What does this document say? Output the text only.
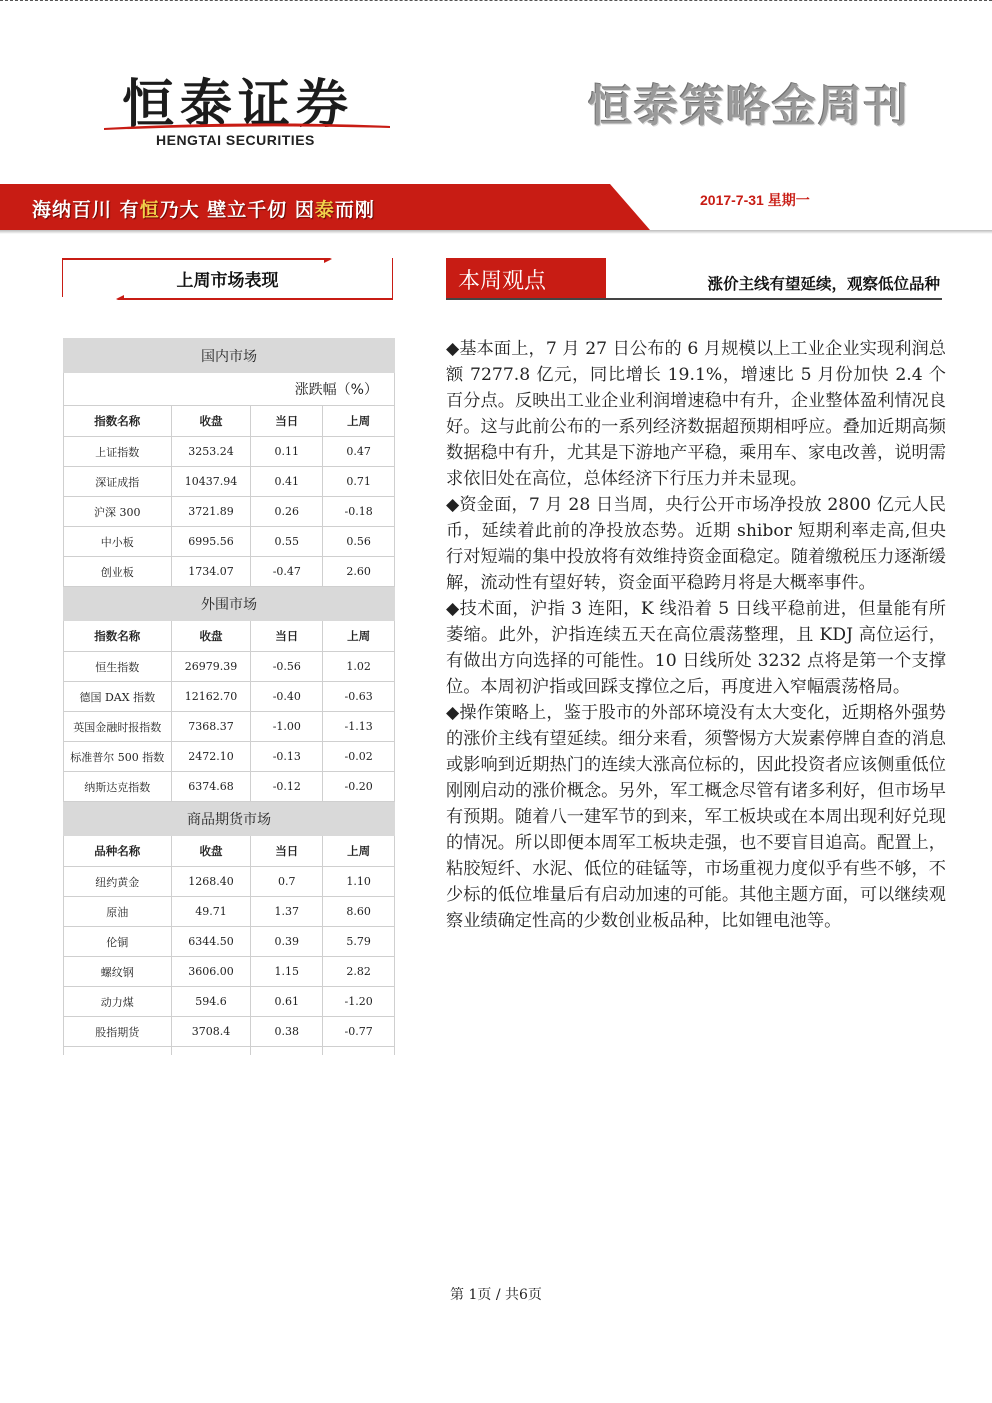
恒泰证券
HENGTAI SECURITIES
恒泰策略金周刊
海纳百川 有恒乃大 壁立千仞 因泰而刚	2017-7-31 星期一
上周市场表现
国内市场			
涨跌幅（%）			
指数名称	收盘	当日	上周
上证指数	3253.24	0.11	0.47
深证成指	10437.94	0.41	0.71
沪深 300	3721.89	0.26	-0.18
中小板	6995.56	0.55	0.56
创业板	1734.07	-0.47	2.60
外围市场			
指数名称	收盘	当日	上周
恒生指数	26979.39	-0.56	1.02
德国 DAX 指数	12162.70	-0.40	-0.63
英国金融时报指数	7368.37	-1.00	-1.13
标准普尔 500 指数	2472.10	-0.13	-0.02
纳斯达克指数	6374.68	-0.12	-0.20
商品期货市场			
品种名称	收盘	当日	上周
纽约黄金	1268.40	0.7	1.10
原油	49.71	1.37	8.60
伦铜	6344.50	0.39	5.79
螺纹钢	3606.00	1.15	2.82
动力煤	594.6	0.61	-1.20
股指期货	3708.4	0.38	-0.77

本周观点	涨价主线有望延续，观察低位品种

◆基本面上，7 月 27 日公布的 6 月规模以上工业企业实现利润总额 7277.8 亿元，同比增长 19.1%，增速比 5 月份加快 2.4 个百分点。反映出工业企业利润增速稳中有升，企业整体盈利情况良好。这与此前公布的一系列经济数据超预期相呼应。叠加近期高频数据稳中有升，尤其是下游地产平稳，乘用车、家电改善，说明需求依旧处在高位，总体经济下行压力并未显现。

◆资金面，7 月 28 日当周，央行公开市场净投放 2800 亿元人民币，延续着此前的净投放态势。近期 shibor 短期利率走高,但央行对短端的集中投放将有效维持资金面稳定。随着缴税压力逐渐缓解，流动性有望好转，资金面平稳跨月将是大概率事件。

◆技术面，沪指 3 连阳，K 线沿着 5 日线平稳前进，但量能有所萎缩。此外，沪指连续五天在高位震荡整理，且 KDJ 高位运行，有做出方向选择的可能性。10 日线所处 3232 点将是第一个支撑位。本周初沪指或回踩支撑位之后，再度进入窄幅震荡格局。

◆操作策略上，鉴于股市的外部环境没有太大变化，近期格外强势的涨价主线有望延续。细分来看，须警惕方大炭素停牌自查的消息或影响到近期热门的连续大涨高位标的，因此投资者应该侧重低位刚刚启动的涨价概念。另外，军工概念尽管有诸多利好，但市场早有预期。随着八一建军节的到来，军工板块或在本周出现利好兑现的情况。所以即便本周军工板块走强，也不要盲目追高。配置上，粘胶短纤、水泥、低位的硅锰等，市场重视力度似乎有些不够，不少标的低位堆量后有启动加速的可能。其他主题方面，可以继续观察业绩确定性高的少数创业板品种，比如锂电池等。

第 1页 / 共6页
